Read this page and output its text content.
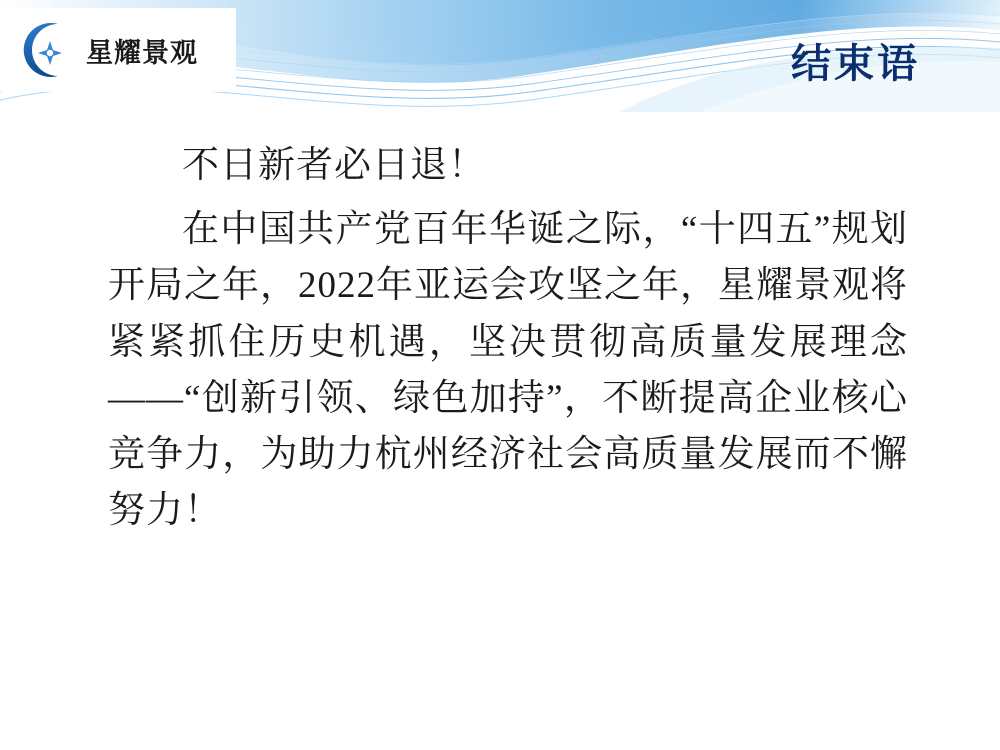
结束语
星耀景观

不日新者必日退！

在中国共产党百年华诞之际，“十四五”规划开局之年，2022年亚运会攻坚之年，星耀景观将紧紧抓住历史机遇，坚决贯彻高质量发展理念——“创新引领、绿色加持”，不断提高企业核心竞争力，为助力杭州经济社会高质量发展而不懈努力！
